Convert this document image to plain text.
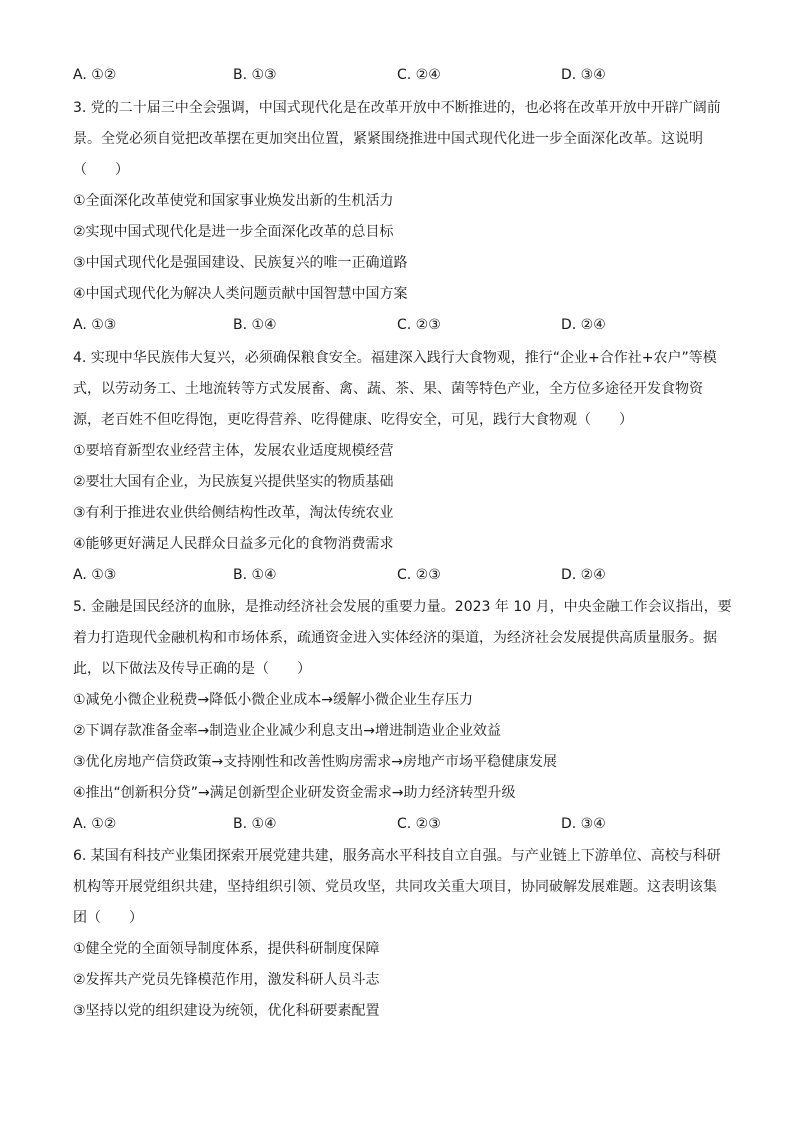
A. ①②	B. ①③	C. ②④	D. ③④
3. 党的二十届三中全会强调，中国式现代化是在改革开放中不断推进的，也必将在改革开放中开辟广阔前
景。全党必须自觉把改革摆在更加突出位置，紧紧围绕推进中国式现代化进一步全面深化改革。这说明
（　　）
①全面深化改革使党和国家事业焕发出新的生机活力
②实现中国式现代化是进一步全面深化改革的总目标
③中国式现代化是强国建设、民族复兴的唯一正确道路
④中国式现代化为解决人类问题贡献中国智慧中国方案
A. ①③	B. ①④	C. ②③	D. ②④
4. 实现中华民族伟大复兴，必须确保粮食安全。福建深入践行大食物观，推行“企业+合作社+农户”等模
式，以劳动务工、土地流转等方式发展畜、禽、蔬、茶、果、菌等特色产业，全方位多途径开发食物资
源，老百姓不但吃得饱，更吃得营养、吃得健康、吃得安全，可见，践行大食物观（　　）
①要培育新型农业经营主体，发展农业适度规模经营
②要壮大国有企业，为民族复兴提供坚实的物质基础
③有利于推进农业供给侧结构性改革，淘汰传统农业
④能够更好满足人民群众日益多元化的食物消费需求
A. ①③	B. ①④	C. ②③	D. ②④
5. 金融是国民经济的血脉，是推动经济社会发展的重要力量。2023 年 10 月，中央金融工作会议指出，要
着力打造现代金融机构和市场体系，疏通资金进入实体经济的渠道，为经济社会发展提供高质量服务。据
此，以下做法及传导正确的是（　　）
①减免小微企业税费→降低小微企业成本→缓解小微企业生存压力
②下调存款准备金率→制造业企业减少利息支出→增进制造业企业效益
③优化房地产信贷政策→支持刚性和改善性购房需求→房地产市场平稳健康发展
④推出“创新积分贷”→满足创新型企业研发资金需求→助力经济转型升级
A. ①②	B. ①④	C. ②③	D. ③④
6. 某国有科技产业集团探索开展党建共建，服务高水平科技自立自强。与产业链上下游单位、高校与科研
机构等开展党组织共建，坚持组织引领、党员攻坚，共同攻关重大项目，协同破解发展难题。这表明该集
团（　　）
①健全党的全面领导制度体系，提供科研制度保障
②发挥共产党员先锋模范作用，激发科研人员斗志
③坚持以党的组织建设为统领，优化科研要素配置
